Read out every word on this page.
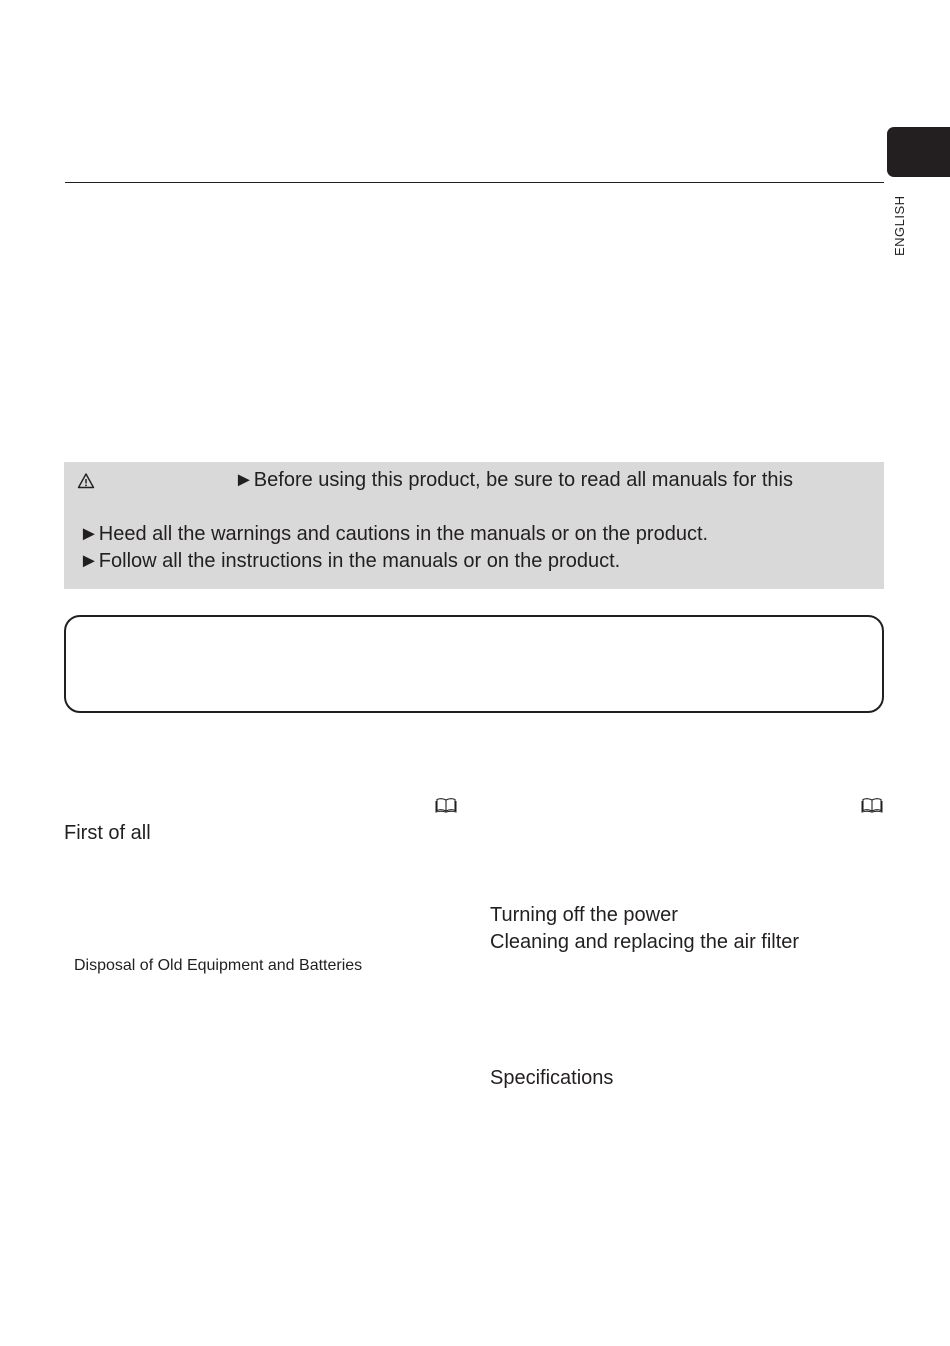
ENGLISH
►Before using this product, be sure to read all manuals for this
►Heed all the warnings and cautions in the manuals or on the product.
►Follow all the instructions in the manuals or on the product.
First of all
Disposal of Old Equipment and Batteries
Turning off the power
Cleaning and replacing the air filter
Specifications
